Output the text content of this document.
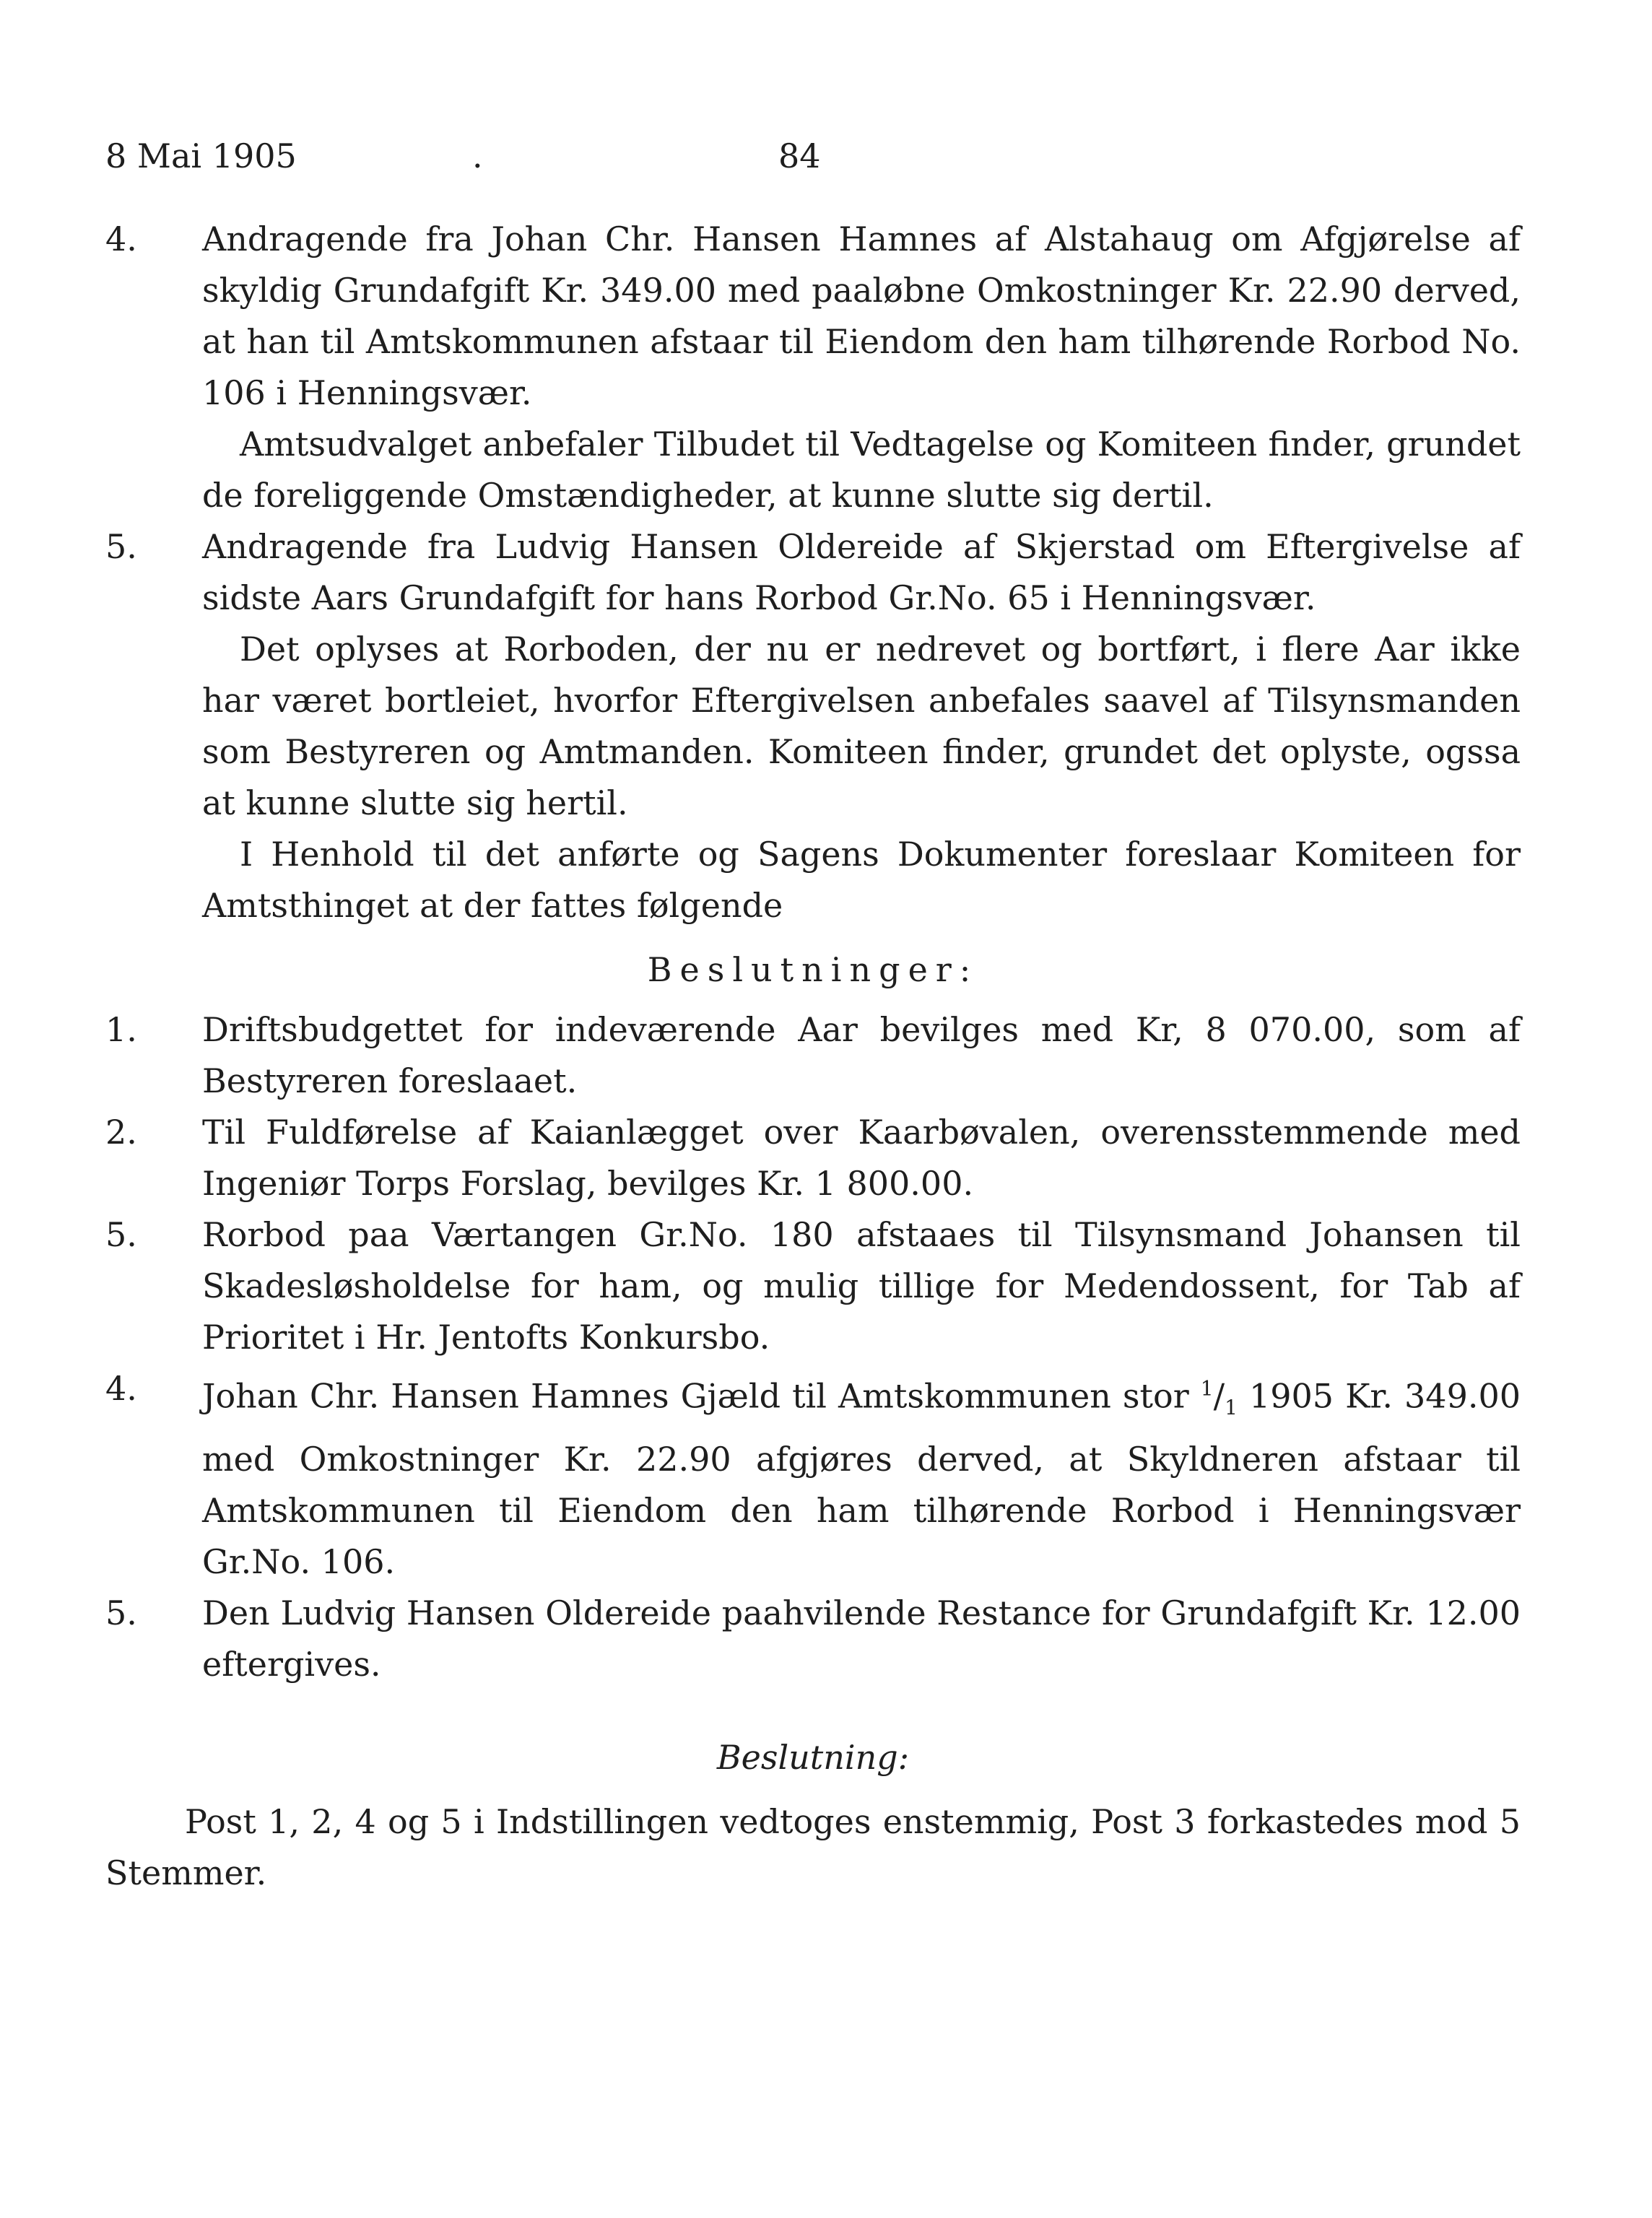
8 Mai 1905	.	84
4.	Andragende fra Johan Chr. Hansen Hamnes af Alstahaug om Afgjørelse af skyldig Grundafgift Kr. 349.00 med paaløbne Omkostninger Kr. 22.90 derved, at han til Amtskommunen afstaar til Eiendom den ham tilhørende Rorbod No. 106 i Henningsvær.
Amtsudvalget anbefaler Tilbudet til Vedtagelse og Komiteen finder, grundet de foreliggende Omstændigheder, at kunne slutte sig dertil.
5.	Andragende fra Ludvig Hansen Oldereide af Skjerstad om Eftergivelse af sidste Aars Grundafgift for hans Rorbod Gr.No. 65 i Henningsvær.
Det oplyses at Rorboden, der nu er nedrevet og bortført, i flere Aar ikke har været bortleiet, hvorfor Eftergivelsen anbefales saavel af Tilsynsmanden som Bestyreren og Amtmanden. Komiteen finder, grundet det oplyste, ogssa at kunne slutte sig hertil.
I Henhold til det anførte og Sagens Dokumenter foreslaar Komiteen for Amtsthinget at der fattes følgende
Beslutninger:
1.	Driftsbudgettet for indeværende Aar bevilges med Kr, 8 070.00, som af Bestyreren foreslaaet.
2.	Til Fuldførelse af Kaianlægget over Kaarbøvalen, overensstemmende med Ingeniør Torps Forslag, bevilges Kr. 1 800.00.
5.	Rorbod paa Værtangen Gr.No. 180 afstaaes til Tilsynsmand Johansen til Skadesløsholdelse for ham, og mulig tillige for Medendossent, for Tab af Prioritet i Hr. Jentofts Konkursbo.
4.	Johan Chr. Hansen Hamnes Gjæld til Amtskommunen stor $^1/_1$ 1905 Kr. 349.00 med Omkostninger Kr. 22.90 afgjøres derved, at Skyldneren afstaar til Amtskommunen til Eiendom den ham tilhørende Rorbod i Henningsvær Gr.No. 106.
5.	Den Ludvig Hansen Oldereide paahvilende Restance for Grundafgift Kr. 12.00 eftergives.
Beslutning:
Post 1, 2, 4 og 5 i Indstillingen vedtoges enstemmig, Post 3 forkastedes mod 5 Stemmer.
